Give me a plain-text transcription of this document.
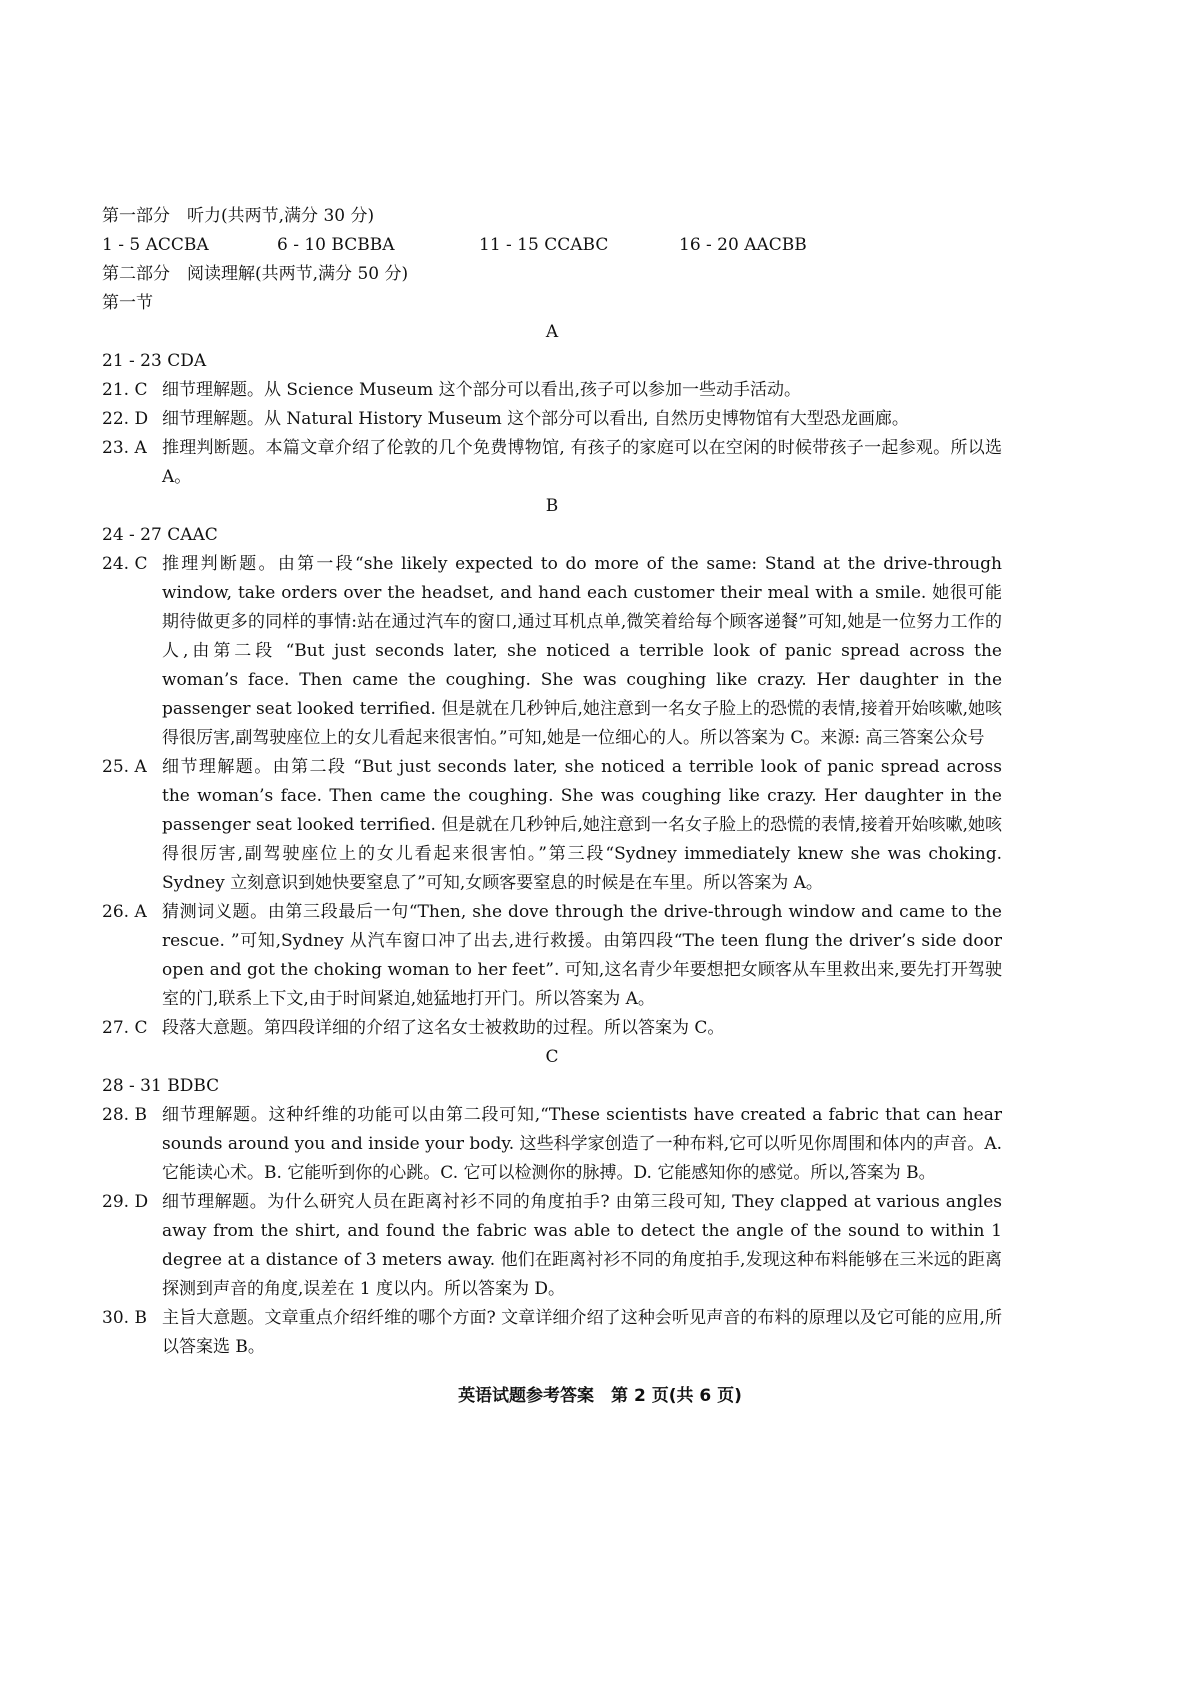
第一部分　听力(共两节,满分 30 分)
1 - 5 ACCBA	6 - 10 BCBBA	11 - 15 CCABC	16 - 20 AACBB
第二部分　阅读理解(共两节,满分 50 分)
第一节
A
21 - 23 CDA
21. C 细节理解题。从 Science Museum 这个部分可以看出,孩子可以参加一些动手活动。
22. D 细节理解题。从 Natural History Museum 这个部分可以看出, 自然历史博物馆有大型恐龙画廊。
23. A 推理判断题。本篇文章介绍了伦敦的几个免费博物馆, 有孩子的家庭可以在空闲的时候带孩子一起参观。所以选 A。
B
24 - 27 CAAC
24. C 推理判断题。由第一段“she likely expected to do more of the same: Stand at the drive-through window, take orders over the headset, and hand each customer their meal with a smile. 她很可能期待做更多的同样的事情:站在通过汽车的窗口,通过耳机点单,微笑着给每个顾客递餐”可知,她是一位努力工作的人,由第二段 “But just seconds later, she noticed a terrible look of panic spread across the woman’s face. Then came the coughing. She was coughing like crazy. Her daughter in the passenger seat looked terrified. 但是就在几秒钟后,她注意到一名女子脸上的恐慌的表情,接着开始咳嗽,她咳得很厉害,副驾驶座位上的女儿看起来很害怕。”可知,她是一位细心的人。所以答案为 C。来源: 高三答案公众号
25. A 细节理解题。由第二段 “But just seconds later, she noticed a terrible look of panic spread across the woman’s face. Then came the coughing. She was coughing like crazy. Her daughter in the passenger seat looked terrified. 但是就在几秒钟后,她注意到一名女子脸上的恐慌的表情,接着开始咳嗽,她咳得很厉害,副驾驶座位上的女儿看起来很害怕。”第三段“Sydney immediately knew she was choking. Sydney 立刻意识到她快要窒息了”可知,女顾客要窒息的时候是在车里。所以答案为 A。
26. A 猜测词义题。由第三段最后一句“Then, she dove through the drive-through window and came to the rescue. ”可知,Sydney 从汽车窗口冲了出去,进行救援。由第四段“The teen flung the driver’s side door open and got the choking woman to her feet”. 可知,这名青少年要想把女顾客从车里救出来,要先打开驾驶室的门,联系上下文,由于时间紧迫,她猛地打开门。所以答案为 A。
27. C 段落大意题。第四段详细的介绍了这名女士被救助的过程。所以答案为 C。
C
28 - 31 BDBC
28. B 细节理解题。这种纤维的功能可以由第二段可知,“These scientists have created a fabric that can hear sounds around you and inside your body. 这些科学家创造了一种布料,它可以听见你周围和体内的声音。A. 它能读心术。B. 它能听到你的心跳。C. 它可以检测你的脉搏。D. 它能感知你的感觉。所以,答案为 B。
29. D 细节理解题。为什么研究人员在距离衬衫不同的角度拍手? 由第三段可知, They clapped at various angles away from the shirt, and found the fabric was able to detect the angle of the sound to within 1 degree at a distance of 3 meters away. 他们在距离衬衫不同的角度拍手,发现这种布料能够在三米远的距离探测到声音的角度,误差在 1 度以内。所以答案为 D。
30. B 主旨大意题。文章重点介绍纤维的哪个方面? 文章详细介绍了这种会听见声音的布料的原理以及它可能的应用,所以答案选 B。
英语试题参考答案　第 2 页(共 6 页)
